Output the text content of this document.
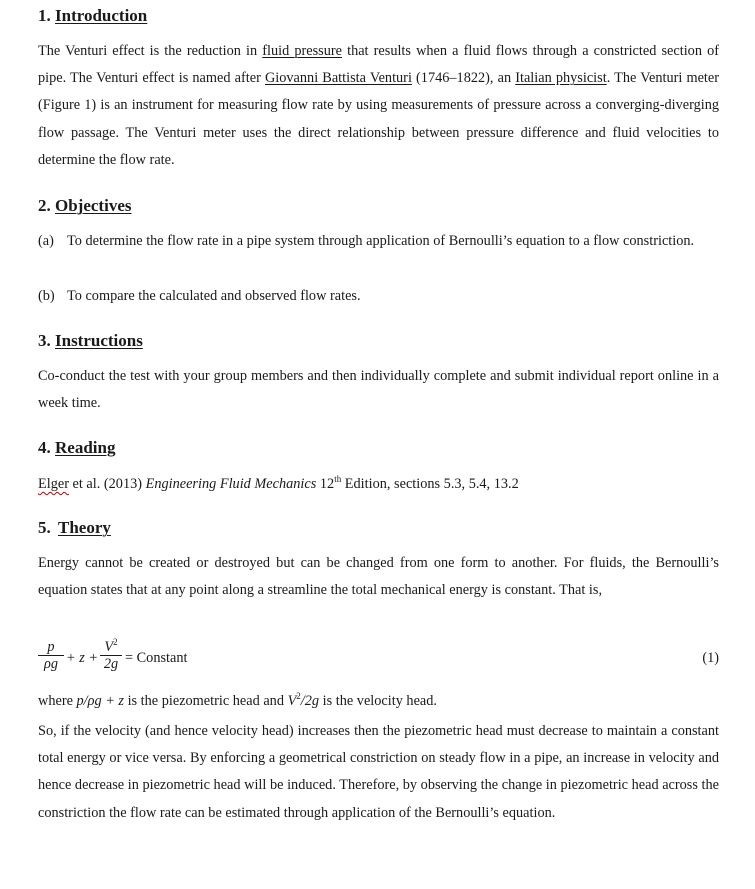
1. Introduction

The Venturi effect is the reduction in fluid pressure that results when a fluid flows through a constricted section of pipe. The Venturi effect is named after Giovanni Battista Venturi (1746–1822), an Italian physicist. The Venturi meter (Figure 1) is an instrument for measuring flow rate by using measurements of pressure across a converging-diverging flow passage. The Venturi meter uses the direct relationship between pressure difference and fluid velocities to determine the flow rate.

2. Objectives
(a) To determine the flow rate in a pipe system through application of Bernoulli’s equation to a flow constriction.
(b) To compare the calculated and observed flow rates.
3. Instructions

Co-conduct the test with your group members and then individually complete and submit individual report online in a week time.

4. Reading

Elger et al. (2013) Engineering Fluid Mechanics 12th Edition, sections 5.3, 5.4, 13.2

5. Theory

Energy cannot be created or destroyed but can be changed from one form to another. For fluids, the Bernoulli’s equation states that at any point along a streamline the total mechanical energy is constant. That is,

p
ρg + z +
$V^2$
2g = Constant	(1)

where p/ρg + z is the piezometric head and $V^2/2g$ is the velocity head.

So, if the velocity (and hence velocity head) increases then the piezometric head must decrease to maintain a constant total energy or vice versa. By enforcing a geometrical constriction on steady flow in a pipe, an increase in velocity and hence decrease in piezometric head will be induced. Therefore, by observing the change in piezometric head across the constriction the flow rate can be estimated through application of the Bernoulli’s equation.
